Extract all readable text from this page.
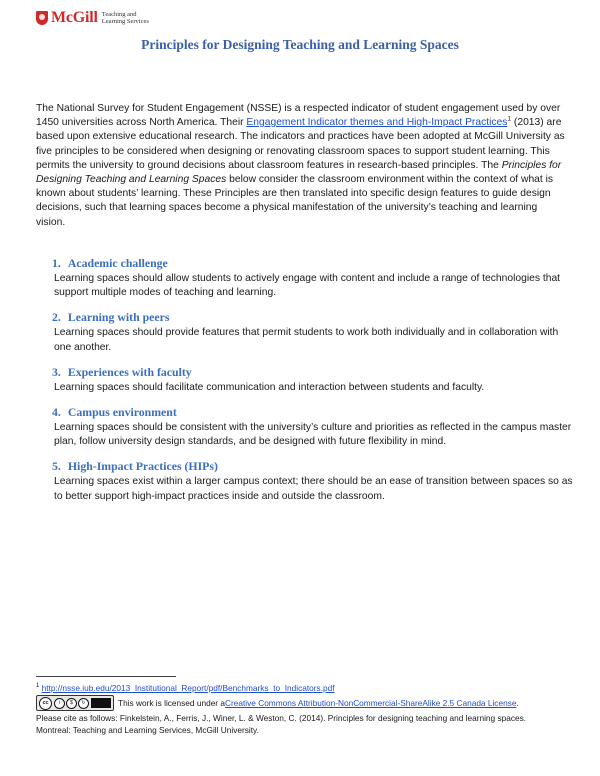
McGill Teaching and
Learning Services
Principles for Designing Teaching and Learning Spaces
The National Survey for Student Engagement (NSSE) is a respected indicator of student engagement used by over 1450 universities across North America. Their Engagement Indicator themes and High-Impact Practices$^1$ (2013) are based upon extensive educational research. The indicators and practices have been adopted at McGill University as five principles to be considered when designing or renovating classroom spaces to support student learning. This permits the university to ground decisions about classroom features in research-based principles. The Principles for Designing Teaching and Learning Spaces below consider the classroom environment within the context of what is known about students’ learning. These Principles are then translated into specific design features to guide design decisions, such that learning spaces become a physical manifestation of the university’s teaching and learning vision.
1. Academic challenge

Learning spaces should allow students to actively engage with content and include a range of technologies that support multiple modes of teaching and learning.

2. Learning with peers

Learning spaces should provide features that permit students to work both individually and in collaboration with one another.

3. Experiences with faculty

Learning spaces should facilitate communication and interaction between students and faculty.

4. Campus environment

Learning spaces should be consistent with the university’s culture and priorities as reflected in the campus master plan, follow university design standards, and be designed with future flexibility in mind.

5. High-Impact Practices (HIPs)

Learning spaces exist within a larger campus context; there should be an ease of transition between spaces so as to better support high-impact practices inside and outside the classroom.

$^1$ http://nsse.iub.edu/2013_Institutional_Report/pdf/Benchmarks_to_Indicators.pdf
cc	i	$	↻	This work is licensed under a Creative Commons Attribution-NonCommercial-ShareAlike 2.5 Canada License .
Please cite as follows: Finkelstein, A., Ferris, J., Winer, L. & Weston, C. (2014). Principles for designing teaching and learning spaces.
Montreal: Teaching and Learning Services, McGill University.
